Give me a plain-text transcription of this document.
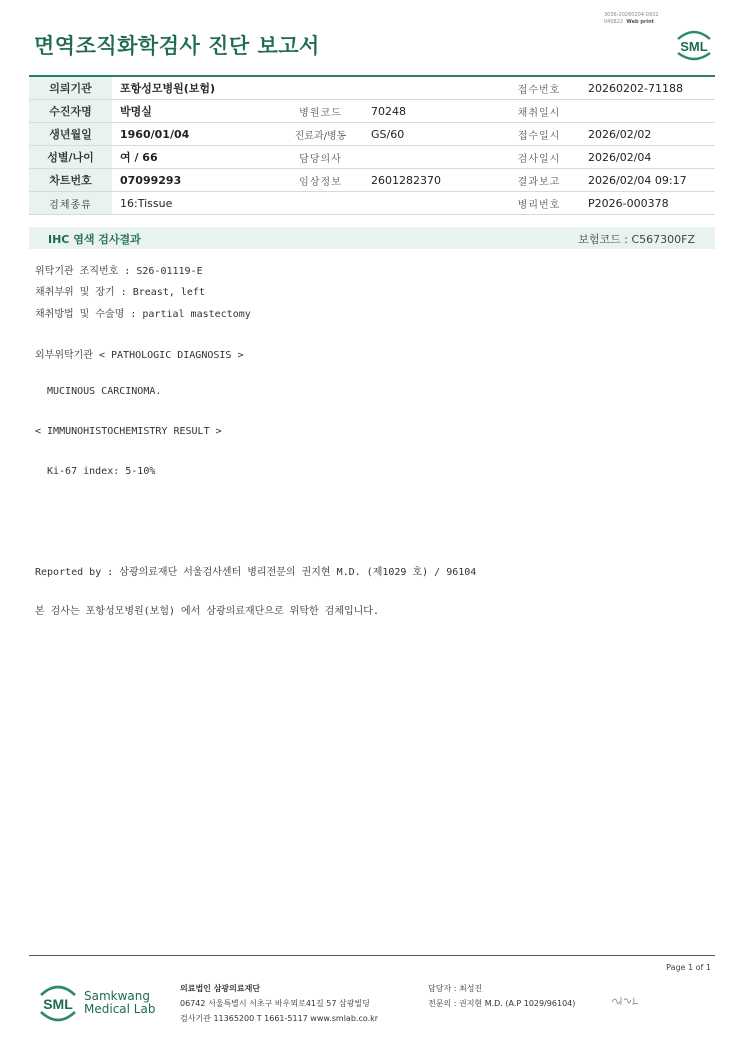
면역조직화학검사 진단 보고서
3036-20260204-0932
040822 Web print
SML
의뢰기관	포항성모병원(보험)			접수번호	20260202-71188
수진자명	박명실	병원코드	70248	채취일시	
생년월일	1960/01/04	진료과/병동	GS/60	접수일시	2026/02/02
성별/나이	여 / 66	담당의사		검사일시	2026/02/04
차트번호	07099293	임상정보	2601282370	결과보고	2026/02/04 09:17
검체종류	16:Tissue			병리번호	P2026-000378
IHC 염색 검사결과	보험코드 : C567300FZ
위탁기관 조직번호 : S26-01119-E
채취부위 및 장기 : Breast, left
채취방법 및 수술명 : partial mastectomy
외부위탁기관 < PATHOLOGIC DIAGNOSIS >
MUCINOUS CARCINOMA.
< IMMUNOHISTOCHEMISTRY RESULT >
Ki-67 index: 5-10%
Reported by : 삼광의료재단 서울검사센터 병리전문의 권지현 M.D. (제1029 호) / 96104
본 검사는 포항성모병원(보험) 에서 삼광의료재단으로 위탁한 검체입니다.
Page 1 of 1
SML Samkwang
Medical Lab
의료법인 삼광의료재단
06742 서울특별시 서초구 바우뫼로41길 57 삼광빌딩
검사기관 11365200 T 1661-5117 www.smlab.co.kr
담당자 : 최성진
전문의 : 권지현 M.D. (A.P 1029/96104)
